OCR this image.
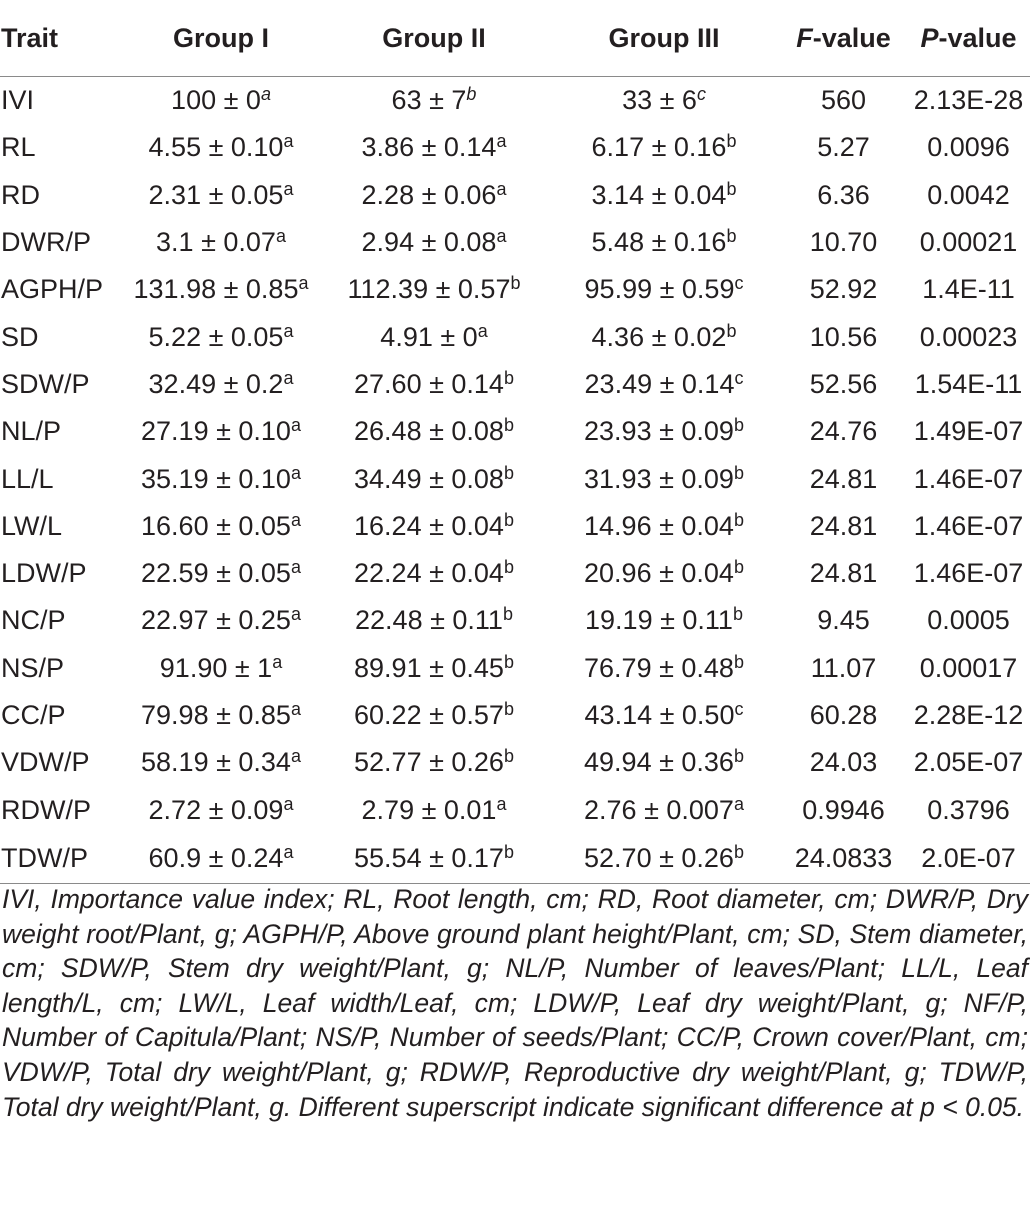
Trait	Group I	Group II	Group III	F-value	P-value
IVI	$100 \pm 0^a$	$63 \pm 7^b$	$33 \pm 6^c$	560	2.13E-28
RL	4.55 ± 0.10$^a$	3.86 ± 0.14$^a$	6.17 ± 0.16$^b$	5.27	0.0096
RD	2.31 ± 0.05$^a$	2.28 ± 0.06$^a$	3.14 ± 0.04$^b$	6.36	0.0042
DWR/P	3.1 ± 0.07$^a$	2.94 ± 0.08$^a$	5.48 ± 0.16$^b$	10.70	0.00021
AGPH/P	131.98 ± 0.85$^a$	112.39 ± 0.57$^b$	95.99 ± 0.59$^c$	52.92	1.4E-11
SD	5.22 ± 0.05$^a$	$4.91 \pm 0^a$	4.36 ± 0.02$^b$	10.56	0.00023
SDW/P	32.49 ± 0.2$^a$	27.60 ± 0.14$^b$	23.49 ± 0.14$^c$	52.56	1.54E-11
NL/P	27.19 ± 0.10$^a$	26.48 ± 0.08$^b$	23.93 ± 0.09$^b$	24.76	1.49E-07
LL/L	35.19 ± 0.10$^a$	34.49 ± 0.08$^b$	31.93 ± 0.09$^b$	24.81	1.46E-07
LW/L	16.60 ± 0.05$^a$	16.24 ± 0.04$^b$	14.96 ± 0.04$^b$	24.81	1.46E-07
LDW/P	22.59 ± 0.05$^a$	22.24 ± 0.04$^b$	20.96 ± 0.04$^b$	24.81	1.46E-07
NC/P	22.97 ± 0.25$^a$	22.48 ± 0.11$^b$	19.19 ± 0.11$^b$	9.45	0.0005
NS/P	$91.90 \pm 1^a$	89.91 ± 0.45$^b$	76.79 ± 0.48$^b$	11.07	0.00017
CC/P	79.98 ± 0.85$^a$	60.22 ± 0.57$^b$	43.14 ± 0.50$^c$	60.28	2.28E-12
VDW/P	58.19 ± 0.34$^a$	52.77 ± 0.26$^b$	49.94 ± 0.36$^b$	24.03	2.05E-07
RDW/P	2.72 ± 0.09$^a$	2.79 ± 0.01$^a$	2.76 ± 0.007$^a$	0.9946	0.3796
TDW/P	60.9 ± 0.24$^a$	55.54 ± 0.17$^b$	52.70 ± 0.26$^b$	24.0833	2.0E-07
IVI, Importance value index; RL, Root length, cm; RD, Root diameter, cm; DWR/P, Dry weight root/Plant, g; AGPH/P, Above ground plant height/Plant, cm; SD, Stem diameter, cm; SDW/P, Stem dry weight/Plant, g; NL/P, Number of leaves/Plant; LL/L, Leaf length/L, cm; LW/L, Leaf width/Leaf, cm; LDW/P, Leaf dry weight/Plant, g; NF/P, Number of Capitula/Plant; NS/P, Number of seeds/Plant; CC/P, Crown cover/Plant, cm; VDW/P, Total dry weight/Plant, g; RDW/P, Reproductive dry weight/Plant, g; TDW/P, Total dry weight/Plant, g. Different superscript indicate significant difference at p < 0.05.
